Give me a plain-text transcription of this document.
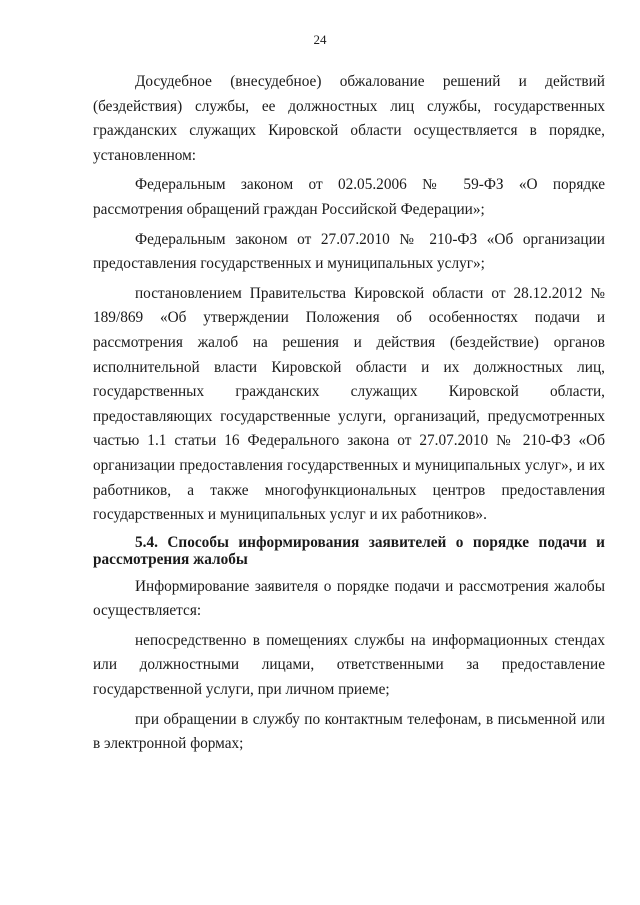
24

Досудебное (внесудебное) обжалование решений и действий (бездействия) службы, ее должностных лиц службы, государственных гражданских служащих Кировской области осуществляется в порядке, установленном:

Федеральным законом от 02.05.2006 № 59-ФЗ «О порядке рассмотрения обращений граждан Российской Федерации»;

Федеральным законом от 27.07.2010 № 210-ФЗ «Об организации предоставления государственных и муниципальных услуг»;

постановлением Правительства Кировской области от 28.12.2012 № 189/869 «Об утверждении Положения об особенностях подачи и рассмотрения жалоб на решения и действия (бездействие) органов исполнительной власти Кировской области и их должностных лиц, государственных гражданских служащих Кировской области, предоставляющих государственные услуги, организаций, предусмотренных частью 1.1 статьи 16 Федерального закона от 27.07.2010 № 210-ФЗ «Об организации предоставления государственных и муниципальных услуг», и их работников, а также многофункциональных центров предоставления государственных и муниципальных услуг и их работников».

5.4. Способы информирования заявителей о порядке подачи и рассмотрения жалобы

Информирование заявителя о порядке подачи и рассмотрения жалобы осуществляется:

непосредственно в помещениях службы на информационных стендах или должностными лицами, ответственными за предоставление государственной услуги, при личном приеме;

при обращении в службу по контактным телефонам, в письменной или в электронной формах;
